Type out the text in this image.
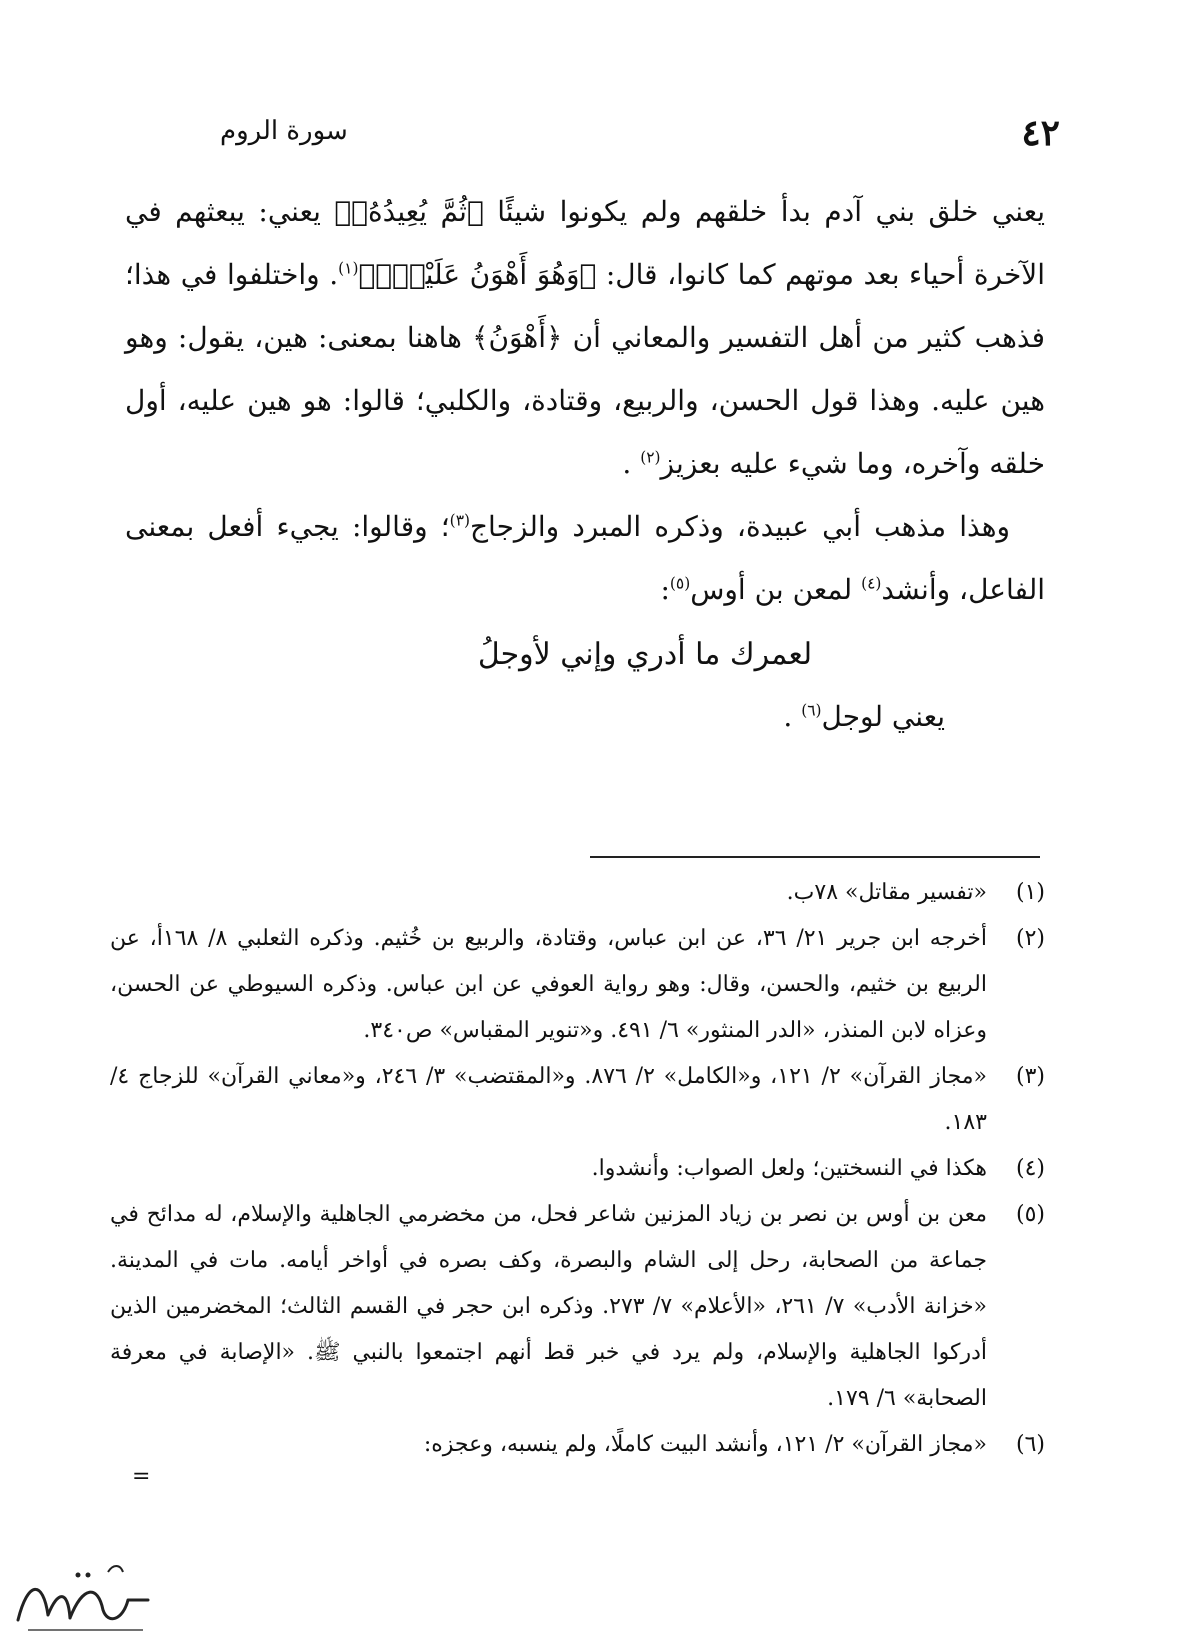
٤٢
سورة الروم

يعني خلق بني آدم بدأ خلقهم ولم يكونوا شيئًا ﴿ثُمَّ يُعِيدُهُۥ﴾ يعني: يبعثهم في الآخرة أحياء بعد موتهم كما كانوا، قال: ﴿وَهُوَ أَهْوَنُ عَلَيْهِۚ﴾$^{(١)}$. واختلفوا في هذا؛ فذهب كثير من أهل التفسير والمعاني أن ﴿أَهْوَنُ﴾ هاهنا بمعنى: هين، يقول: وهو هين عليه. وهذا قول الحسن، والربيع، وقتادة، والكلبي؛ قالوا: هو هين عليه، أول خلقه وآخره، وما شيء عليه بعزيز$^{(٢)}$ .

وهذا مذهب أبي عبيدة، وذكره المبرد والزجاج$^{(٣)}$؛ وقالوا: يجيء أفعل بمعنى الفاعل، وأنشد$^{(٤)}$ لمعن بن أوس$^{(٥)}$:

لعمرك ما أدري وإني لأوجلُ

يعني لوجل$^{(٦)}$ .

(١)

«تفسير مقاتل» ٧٨ب.

(٢)

أخرجه ابن جرير ٢١/ ٣٦، عن ابن عباس، وقتادة، والربيع بن خُثيم. وذكره الثعلبي ٨/ ١٦٨أ، عن الربيع بن خثيم، والحسن، وقال: وهو رواية العوفي عن ابن عباس. وذكره السيوطي عن الحسن، وعزاه لابن المنذر، «الدر المنثور» ٦/ ٤٩١. و«تنوير المقباس» ص٣٤٠.

(٣)

«مجاز القرآن» ٢/ ١٢١، و«الكامل» ٢/ ٨٧٦. و«المقتضب» ٣/ ٢٤٦، و«معاني القرآن» للزجاج ٤/ ١٨٣.

(٤)

هكذا في النسختين؛ ولعل الصواب: وأنشدوا.

(٥)

معن بن أوس بن نصر بن زياد المزنين شاعر فحل، من مخضرمي الجاهلية والإسلام، له مدائح في جماعة من الصحابة، رحل إلى الشام والبصرة، وكف بصره في أواخر أيامه. مات في المدينة. «خزانة الأدب» ٧/ ٢٦١، «الأعلام» ٧/ ٢٧٣. وذكره ابن حجر في القسم الثالث؛ المخضرمين الذين أدركوا الجاهلية والإسلام، ولم يرد في خبر قط أنهم اجتمعوا بالنبي ﷺ. «الإصابة في معرفة الصحابة» ٦/ ١٧٩.

(٦)

«مجاز القرآن» ٢/ ١٢١، وأنشد البيت كاملًا، ولم ينسبه، وعجزه:

=
